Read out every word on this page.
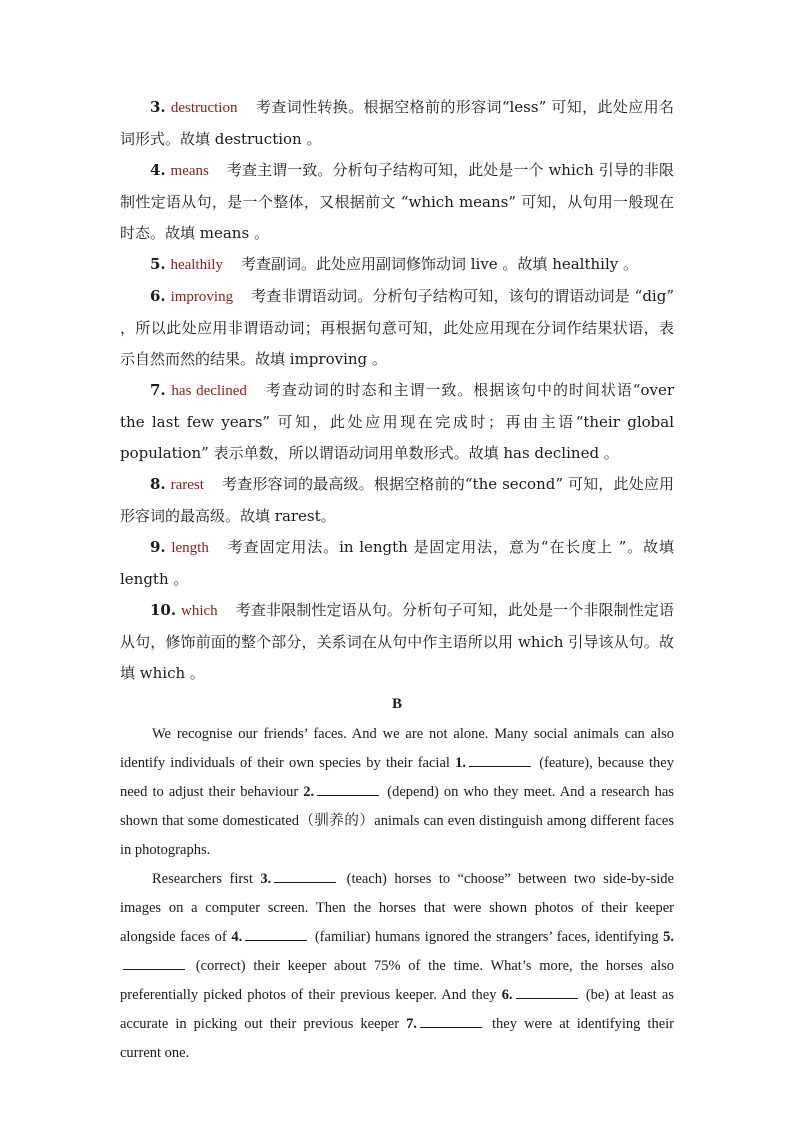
3. destruction 考查词性转换。根据空格前的形容词“less” 可知，此处应用名词形式。故填 destruction 。

4. means 考查主谓一致。分析句子结构可知，此处是一个 which 引导的非限制性定语从句，是一个整体，又根据前文 “which means” 可知，从句用一般现在时态。故填 means 。

5. healthily 考查副词。此处应用副词修饰动词 live 。故填 healthily 。

6. improving 考查非谓语动词。分析句子结构可知，该句的谓语动词是 “dig” ，所以此处应用非谓语动词；再根据句意可知，此处应用现在分词作结果状语，表示自然而然的结果。故填 improving 。

7. has declined 考查动词的时态和主谓一致。根据该句中的时间状语“over the last few years” 可知，此处应用现在完成时；再由主语“their global population” 表示单数，所以谓语动词用单数形式。故填 has declined 。

8. rarest 考查形容词的最高级。根据空格前的“the second” 可知，此处应用形容词的最高级。故填 rarest。

9. length 考查固定用法。in length 是固定用法，意为“在长度上 ”。故填 length 。

10. which 考查非限制性定语从句。分析句子可知，此处是一个非限制性定语从句，修饰前面的整个部分，关系词在从句中作主语所以用 which 引导该从句。故填 which 。

B

We recognise our friends’ faces. And we are not alone. Many social animals can also identify individuals of their own species by their facial 1.	(feature), because they need to adjust their behaviour 2.	(depend) on who they meet. And a research has shown that some domesticated（驯养的）animals can even distinguish among different faces in photographs.

Researchers first 3.	(teach) horses to “choose” between two side-by-side images on a computer screen. Then the horses that were shown photos of their keeper alongside faces of 4.	(familiar) humans ignored the strangers’ faces, identifying 5. (correct) their keeper about 75% of the time. What’s more, the horses also preferentially picked photos of their previous keeper. And they 6.	(be) at least as accurate in picking out their previous keeper 7.	they were at identifying their current one.
